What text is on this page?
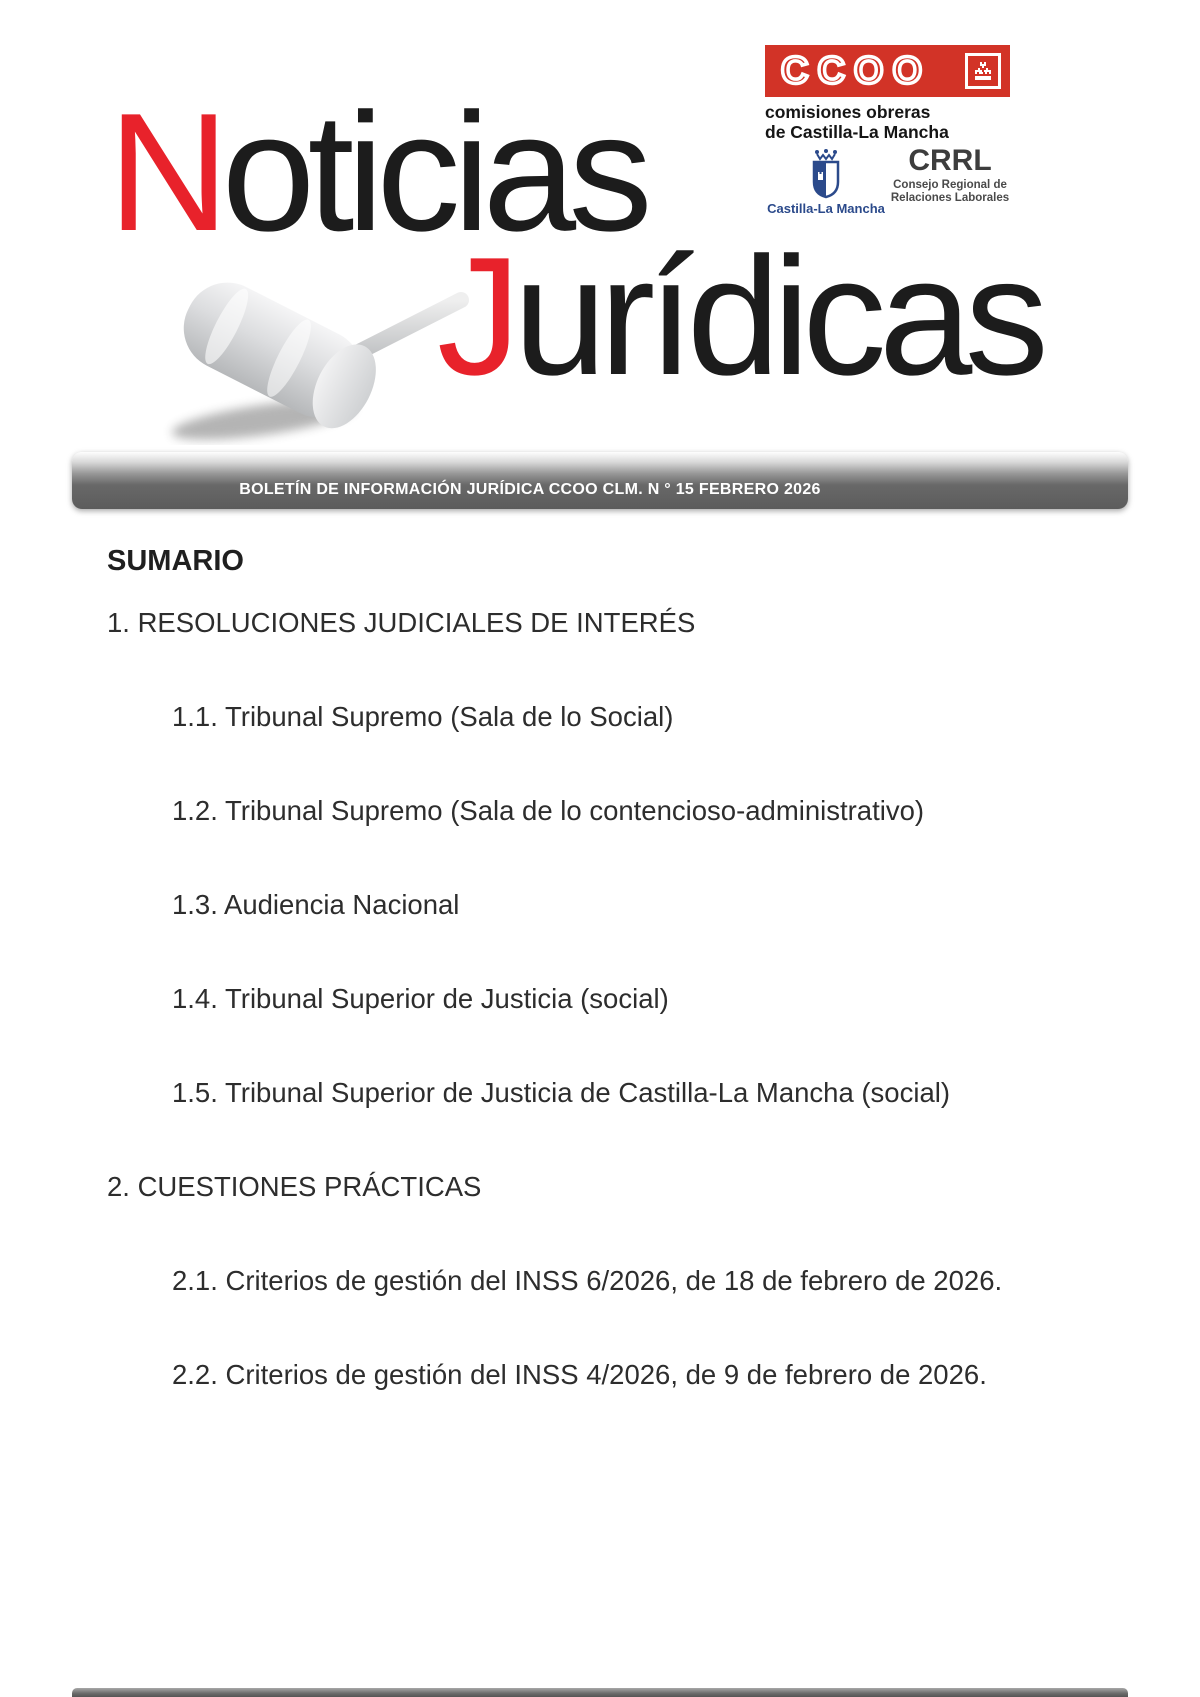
CCOO
comisiones obreras
de Castilla-La Mancha
Castilla-La Mancha
CRRL
Consejo Regional de
Relaciones Laborales
Noticias
Jurídicas
BOLETÍN DE INFORMACIÓN JURÍDICA CCOO CLM. N ° 15 FEBRERO 2026
SUMARIO
1. RESOLUCIONES JUDICIALES DE INTERÉS
1.1. Tribunal Supremo (Sala de lo Social)
1.2. Tribunal Supremo (Sala de lo contencioso-administrativo)
1.3. Audiencia Nacional
1.4. Tribunal Superior de Justicia (social)
1.5. Tribunal Superior de Justicia de Castilla-La Mancha (social)
2. CUESTIONES PRÁCTICAS
2.1. Criterios de gestión del INSS 6/2026, de 18 de febrero de 2026.
2.2. Criterios de gestión del INSS 4/2026, de 9 de febrero de 2026.
